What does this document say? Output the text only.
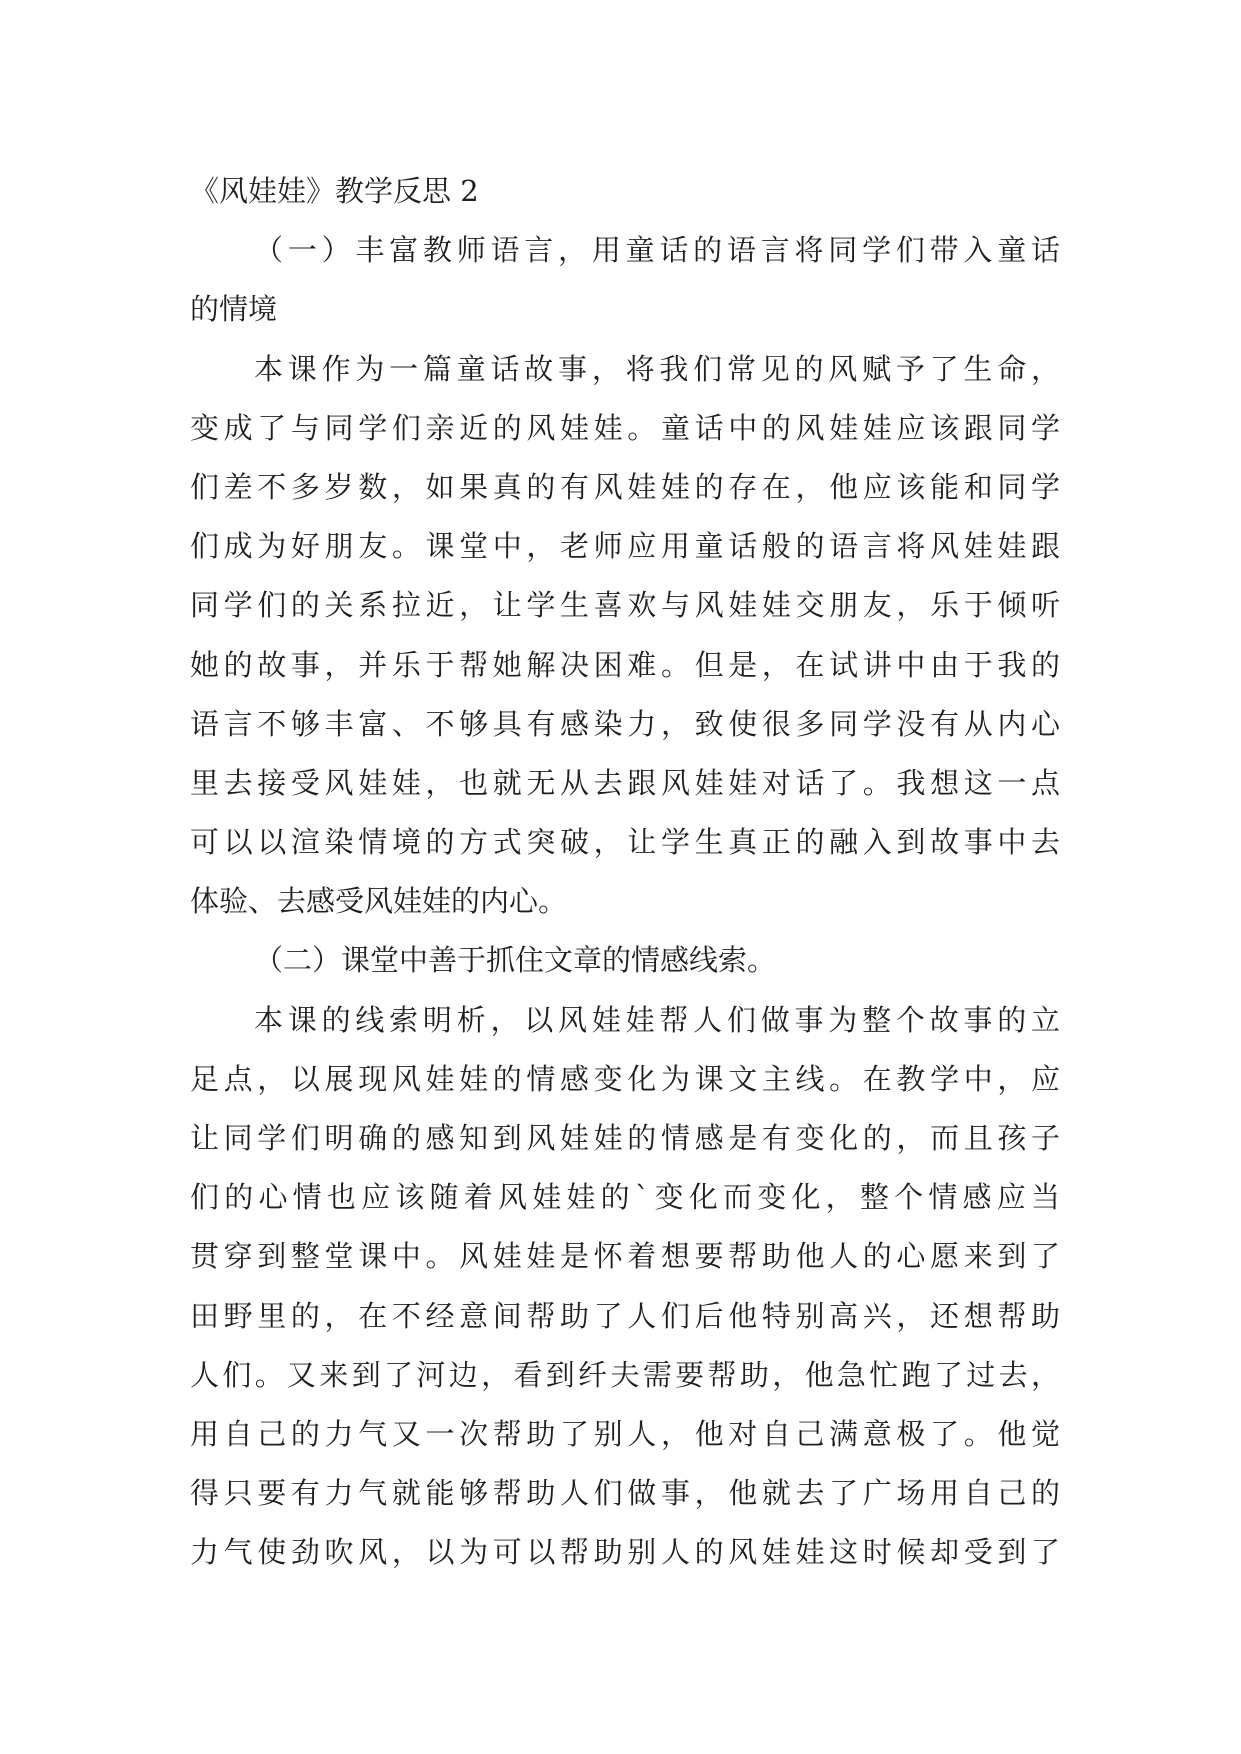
《风娃娃》教学反思 2
（一）丰富教师语言，用童话的语言将同学们带入童话
的情境
本课作为一篇童话故事，将我们常见的风赋予了生命，
变成了与同学们亲近的风娃娃。童话中的风娃娃应该跟同学
们差不多岁数，如果真的有风娃娃的存在，他应该能和同学
们成为好朋友。课堂中，老师应用童话般的语言将风娃娃跟
同学们的关系拉近，让学生喜欢与风娃娃交朋友，乐于倾听
她的故事，并乐于帮她解决困难。但是，在试讲中由于我的
语言不够丰富、不够具有感染力，致使很多同学没有从内心
里去接受风娃娃，也就无从去跟风娃娃对话了。我想这一点
可以以渲染情境的方式突破，让学生真正的融入到故事中去
体验、去感受风娃娃的内心。
（二）课堂中善于抓住文章的情感线索。
本课的线索明析，以风娃娃帮人们做事为整个故事的立
足点，以展现风娃娃的情感变化为课文主线。在教学中，应
让同学们明确的感知到风娃娃的情感是有变化的，而且孩子
们的心情也应该随着风娃娃的`变化而变化，整个情感应当
贯穿到整堂课中。风娃娃是怀着想要帮助他人的心愿来到了
田野里的，在不经意间帮助了人们后他特别高兴，还想帮助
人们。又来到了河边，看到纤夫需要帮助，他急忙跑了过去，
用自己的力气又一次帮助了别人，他对自己满意极了。他觉
得只要有力气就能够帮助人们做事，他就去了广场用自己的
力气使劲吹风，以为可以帮助别人的风娃娃这时候却受到了
